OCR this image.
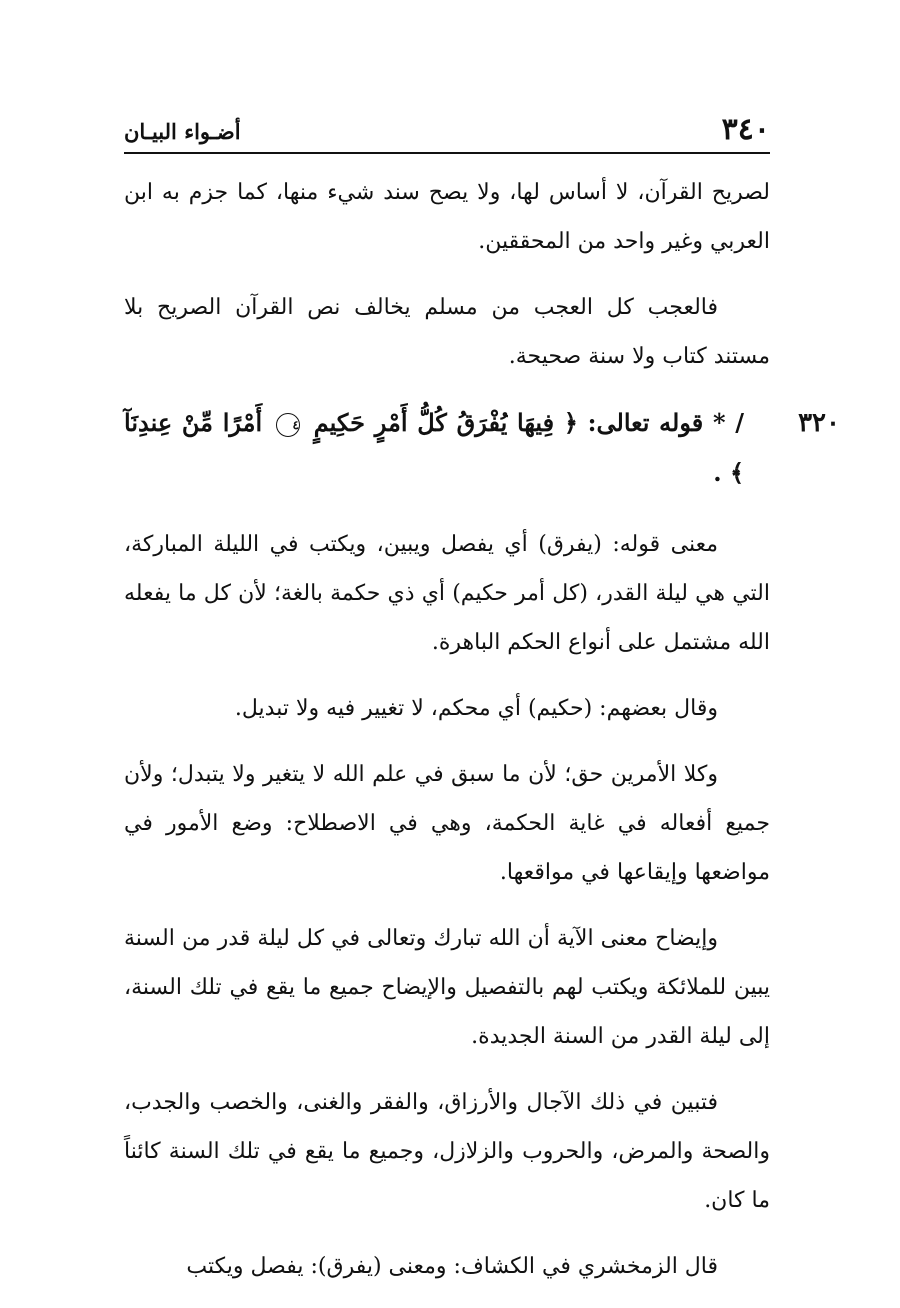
٣٤٠
أضـواء البيـان

لصريح القرآن، لا أساس لها، ولا يصح سند شيء منها، كما جزم به ابن العربي وغير واحد من المحققين.

فالعجب كل العجب من مسلم يخالف نص القرآن الصريح بلا مستند كتاب ولا سنة صحيحة.

٣٢٠
/ * قوله تعالى: ﴿ فِيهَا يُفْرَقُ كُلُّ أَمْرٍ حَكِيمٍ ٤ أَمْرًا مِّنْ عِندِنَآ ﴾ .

معنى قوله: (يفرق) أي يفصل ويبين، ويكتب في الليلة المباركة، التي هي ليلة القدر، (كل أمر حكيم) أي ذي حكمة بالغة؛ لأن كل ما يفعله الله مشتمل على أنواع الحكم الباهرة.

وقال بعضهم: (حكيم) أي محكم، لا تغيير فيه ولا تبديل.

وكلا الأمرين حق؛ لأن ما سبق في علم الله لا يتغير ولا يتبدل؛ ولأن جميع أفعاله في غاية الحكمة، وهي في الاصطلاح: وضع الأمور في مواضعها وإيقاعها في مواقعها.

وإيضاح معنى الآية أن الله تبارك وتعالى في كل ليلة قدر من السنة يبين للملائكة ويكتب لهم بالتفصيل والإيضاح جميع ما يقع في تلك السنة، إلى ليلة القدر من السنة الجديدة.

فتبين في ذلك الآجال والأرزاق، والفقر والغنى، والخصب والجدب، والصحة والمرض، والحروب والزلازل، وجميع ما يقع في تلك السنة كائناً ما كان.

قال الزمخشري في الكشاف: ومعنى (يفرق): يفصل ويكتب
